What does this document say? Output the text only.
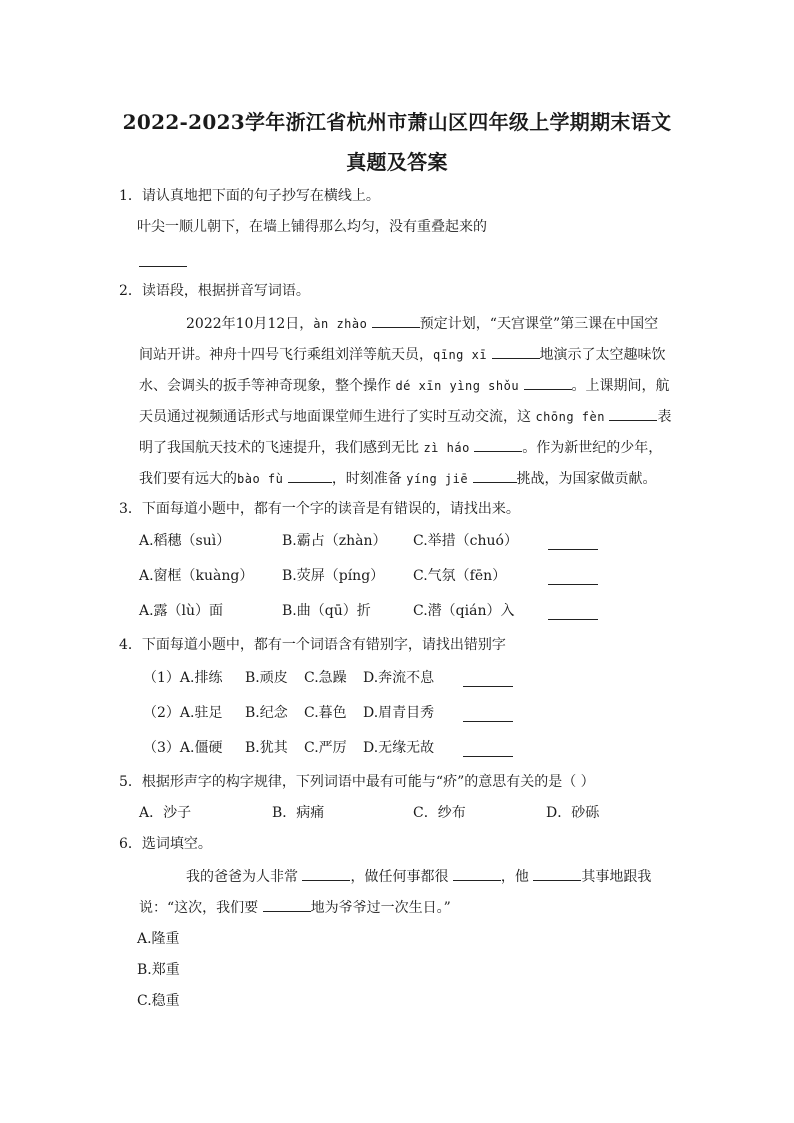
2022-2023学年浙江省杭州市萧山区四年级上学期期末语文
真题及答案
1．请认真地把下面的句子抄写在横线上。
叶尖一顺儿朝下，在墙上铺得那么均匀，没有重叠起来的
2．读语段，根据拼音写词语。
2022年10月12日，àn zhào	预定计划，“天宫课堂”第三课在中国空
间站开讲。神舟十四号飞行乘组刘洋等航天员，qīng xī	地演示了太空趣味饮
水、会调头的扳手等神奇现象，整个操作 dé xīn yìng shǒu	。上课期间，航
天员通过视频通话形式与地面课堂师生进行了实时互动交流，这 chōng fèn	表
明了我国航天技术的飞速提升，我们感到无比 zì háo	。作为新世纪的少年，
我们要有远大的bào fù	，时刻准备 yíng jiē	挑战，为国家做贡献。
3．下面每道小题中，都有一个字的读音是有错误的，请找出来。
A.稻穗（suì）	B.霸占（zhàn） C.举措（chuó）
A.窗框（kuàng） B.荧屏（píng） C.气氛（fēn）
A.露（lù）面	B.曲（qū）折	C.潜（qián）入
4．下面每道小题中，都有一个词语含有错别字，请找出错别字
（1）A.排练 B.顽皮 C.急躁 D.奔流不息
（2）A.驻足 B.纪念 C.暮色 D.眉青目秀
（3）A.僵硬 B.犹其 C.严厉 D.无缘无故
5．根据形声字的构字规律，下列词语中最有可能与“疥”的意思有关的是（ ）
A．沙子	B．病痛	C．纱布	D．砂砾
6．选词填空。
我的爸爸为人非常	，做任何事都很	，他	其事地跟我
说：“这次，我们要	地为爷爷过一次生日。”
A.隆重
B.郑重
C.稳重
